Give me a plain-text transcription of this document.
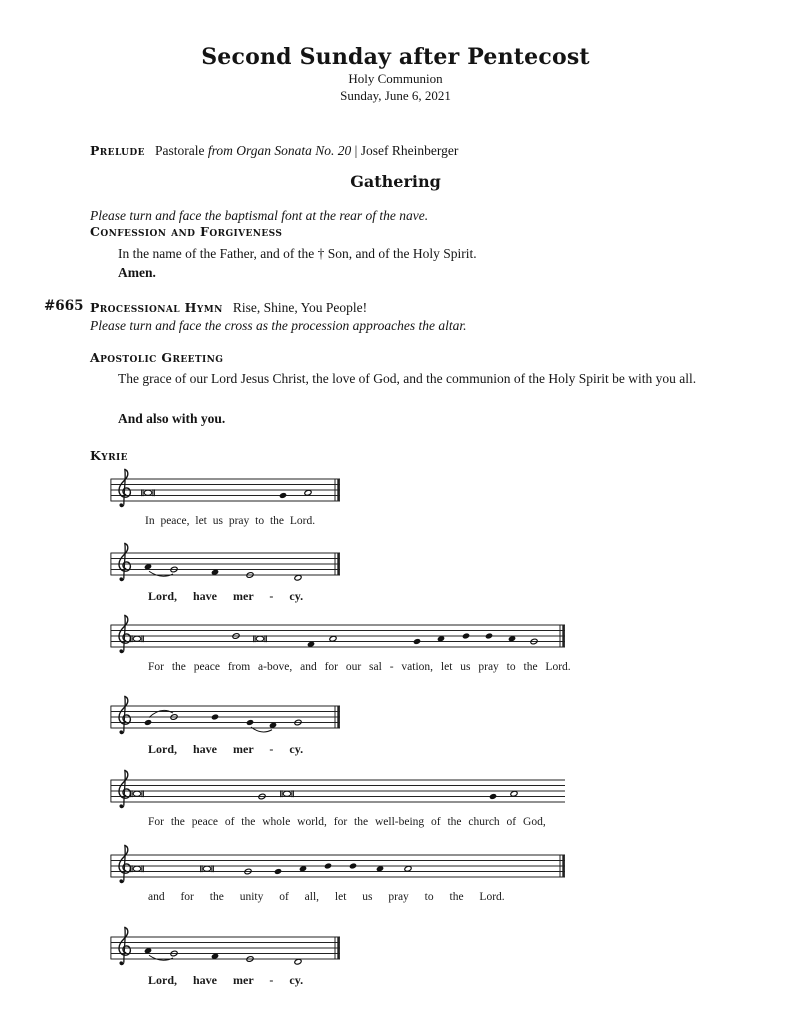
Second Sunday after Pentecost
Holy Communion
Sunday, June 6, 2021
Prelude Pastorale from Organ Sonata No. 20 | Josef Rheinberger
Gathering
Please turn and face the baptismal font at the rear of the nave.
Confession and Forgiveness
In the name of the Father, and of the † Son, and of the Holy Spirit.
Amen.
#665 Processional Hymn Rise, Shine, You People!
Please turn and face the cross as the procession approaches the altar.
Apostolic Greeting
The grace of our Lord Jesus Christ, the love of God, and the communion of the Holy Spirit be with you all.
And also with you.
Kyrie
In peace, let us pray to the Lord.
Lord, have mer - cy.
For the peace from a-bove, and for our sal - vation, let us pray to the Lord.
Lord, have mer - cy.
For the peace of the whole world, for the well-being of the church of God,
and for the unity of all, let us pray to the Lord.
Lord, have mer - cy.
